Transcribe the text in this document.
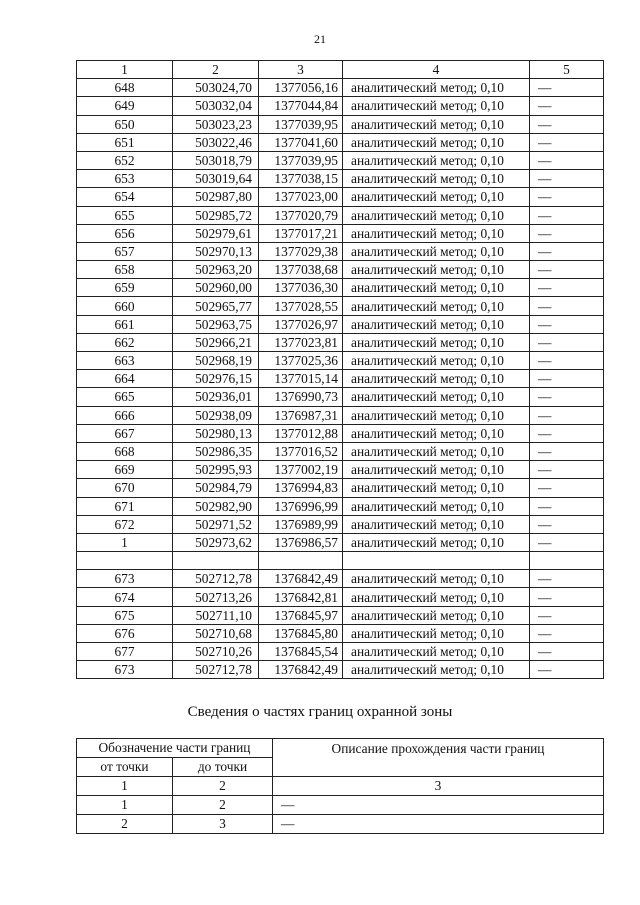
21
1	2	3	4	5
648	503024,70	1377056,16	аналитический метод; 0,10	—
649	503032,04	1377044,84	аналитический метод; 0,10	—
650	503023,23	1377039,95	аналитический метод; 0,10	—
651	503022,46	1377041,60	аналитический метод; 0,10	—
652	503018,79	1377039,95	аналитический метод; 0,10	—
653	503019,64	1377038,15	аналитический метод; 0,10	—
654	502987,80	1377023,00	аналитический метод; 0,10	—
655	502985,72	1377020,79	аналитический метод; 0,10	—
656	502979,61	1377017,21	аналитический метод; 0,10	—
657	502970,13	1377029,38	аналитический метод; 0,10	—
658	502963,20	1377038,68	аналитический метод; 0,10	—
659	502960,00	1377036,30	аналитический метод; 0,10	—
660	502965,77	1377028,55	аналитический метод; 0,10	—
661	502963,75	1377026,97	аналитический метод; 0,10	—
662	502966,21	1377023,81	аналитический метод; 0,10	—
663	502968,19	1377025,36	аналитический метод; 0,10	—
664	502976,15	1377015,14	аналитический метод; 0,10	—
665	502936,01	1376990,73	аналитический метод; 0,10	—
666	502938,09	1376987,31	аналитический метод; 0,10	—
667	502980,13	1377012,88	аналитический метод; 0,10	—
668	502986,35	1377016,52	аналитический метод; 0,10	—
669	502995,93	1377002,19	аналитический метод; 0,10	—
670	502984,79	1376994,83	аналитический метод; 0,10	—
671	502982,90	1376996,99	аналитический метод; 0,10	—
672	502971,52	1376989,99	аналитический метод; 0,10	—
1	502973,62	1376986,57	аналитический метод; 0,10	—

673	502712,78	1376842,49	аналитический метод; 0,10	—
674	502713,26	1376842,81	аналитический метод; 0,10	—
675	502711,10	1376845,97	аналитический метод; 0,10	—
676	502710,68	1376845,80	аналитический метод; 0,10	—
677	502710,26	1376845,54	аналитический метод; 0,10	—
673	502712,78	1376842,49	аналитический метод; 0,10	—
Сведения о частях границ охранной зоны
Обозначение части границ		Описание прохождения части границ
от точки	до точки	
1	2	3
1	2	—
2	3	—
